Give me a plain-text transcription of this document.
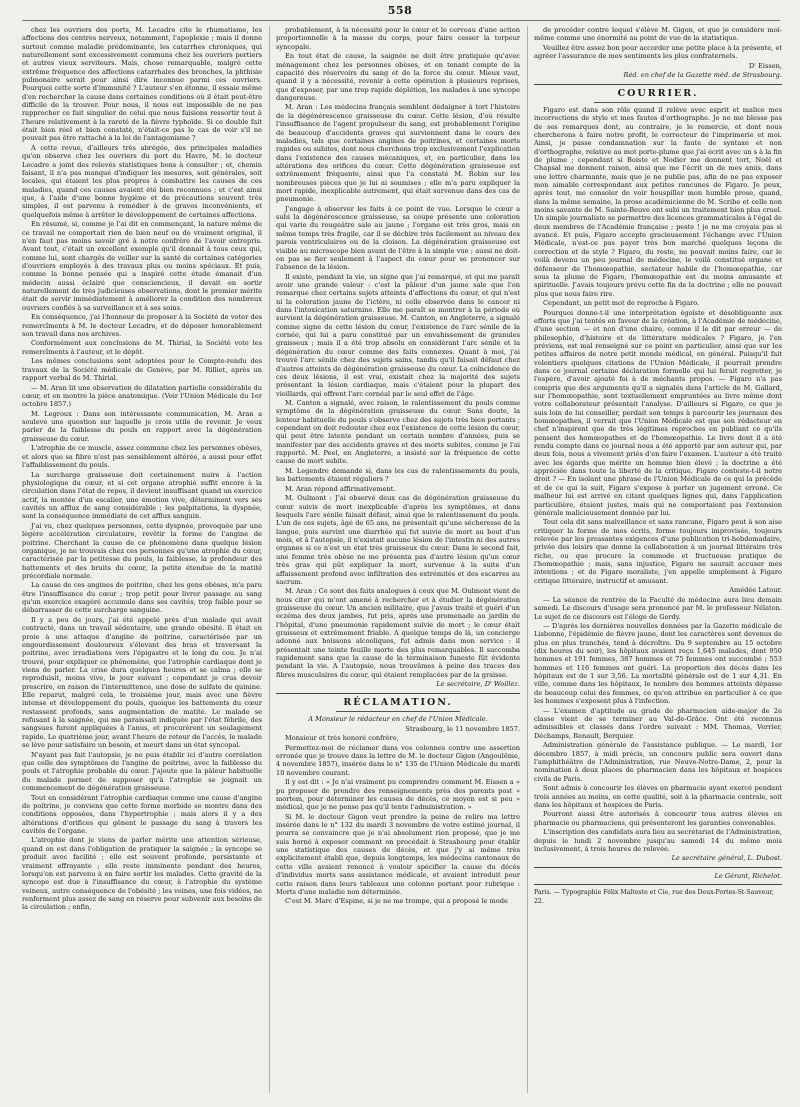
558

chez les ouvriers des ports, M. Lecadre cite le rhumatisme, les affections des centres nerveux, notamment, l'apoplexie ; mais il donne surtout comme maladie prédominante, les catarrhes chroniques, qui naturellement sont excessivement communs chez les ouvriers portiers et autres vieux serviteurs. Mais, chose remarquable, malgré cette extrême fréquence des affections catarrhales des bronches, la phthisie pulmonaire serait pour ainsi dire inconnue parmi ces ouvriers. Pourquoi cette sorte d'immunité ? L'auteur s'en étonne, il essaie même d'en rechercher la cause dans certaines conditions où il était peut-être difficile de la trouver. Pour nous, il nous est impossible de ne pas rapprocher ce fait singulier de celui que nous faisions ressortir tout à l'heure relativement à la rareté de la fièvre typhoïde. Si ce double fait était bien réel et bien constaté, n'était-ce pas le cas de voir s'il ne pouvait pas être rattaché à la loi de l'antagonisme ?

A cette revue, d'ailleurs très abrégée, des principales maladies qu'on observe chez les ouvriers du port du Havre, M. le docteur Lecadre a joint des relevés statistiques bons à consulter ; et, chemin faisant, il n'a pas manqué d'indiquer les mesures, soit générales, soit locales, qui étaient les plus propres à combattre les causes de ces maladies, quand ces causes avaient été bien reconnues ; et c'est ainsi que, à l'aide d'une bonne hygiène et de précautions souvent très simples, il est parvenu à remédier à de graves inconvénients, et quelquefois même à arrêter le développement de certaines affections.

En résumé, si, comme je l'ai dit en commençant, la nature même de ce travail ne comportait rien de bien neuf ou de vraiment original, il n'en faut pas moins savoir gré à notre confrère de l'avoir entrepris. Avant tout, c'était un excellent exemple qu'il donnait à tous ceux qui, comme lui, sont chargés de veiller sur la santé de certaines catégories d'ouvriers employés à des travaux plus ou moins spéciaux. Et puis, comme la bonne pensée qui a inspiré cette étude émanait d'un médecin aussi éclairé que consciencieux, il devait en sortir naturellement de très judicieuses observations, dont le premier mérite était de servir immédiatement à améliorer la condition des nombreux ouvriers confiés à sa surveillance et à ses soins.

En conséquence, j'ai l'honneur de proposer à la Société de voter des remercîments à M. le docteur Lecadre, et de déposer honorablement son travail dans nos archives.

Conformément aux conclusions de M. Thirial, la Société vote les remercîments à l'auteur, et le dépôt.

Les mêmes conclusions sont adoptées pour le Compte-rendu des travaux de la Société médicale de Genève, par M. Rilliet, après un rapport verbal de M. Thirial.

— M. Aran lit une observation de dilatation partielle considérable du cœur, et en montre la pièce anatomique. (Voir l'Union Médicale du 1er octobre 1857.)

M. Legroux : Dans son intéressante communication, M. Aran a soulevé une question sur laquelle je crois utile de revenir. Je veux parler de la faiblesse du pouls en rapport avec la dégénération graisseuse du cœur.

L'atrophie de ce muscle, assez commune chez les personnes obèses, et alors que sa fibre n'est pas sensiblement altérée, a aussi pour effet l'affaiblissement du pouls.

La surcharge graisseuse doit certainement nuire à l'action physiologique du cœur, et si cet organe atrophié suffit encore à la circulation dans l'état de repos, il devient insuffisant quand un exercice actif, la montée d'un escalier, une émotion vive, déterminent vers ses cavités un afflux de sang considérable ; les palpitations, la dyspnée, sont la conséquence immédiate de cet afflux sanguin.

J'ai vu, chez quelques personnes, cette dyspnée, provoquée par une légère accélération circulatoire, revêtir la forme de l'angine de poitrine. Cherchant la cause de ce phénomène dans quelque lésion organique, je ne trouvais chez ces personnes qu'une atrophie du cœur, caractérisée par la petitesse du pouls, la faiblesse, la profondeur des battements et des bruits du cœur, la petite étendue de la matité précordiale normale.

La cause de ces angines de poitrine, chez les gens obèses, m'a paru être l'insuffisance du cœur ; trop petit pour livrer passage au sang qu'un exercice exagéré accumule dans ses cavités, trop faible pour se débarrasser de cette surcharge sanguine.

Il y a peu de jours, j'ai été appelé près d'un malade qui avait contracté, dans un travail sédentaire, une grande obésité. Il était en proie à une attaque d'angine de poitrine, caractérisée par un engourdissement douloureux s'élevant des bras et traversant la poitrine, avec irradiations vers l'épigastre et le long du cou. Je n'ai trouvé, pour expliquer ce phénomène, que l'atrophie cardiaque dont je viens de parler. La crise dura quelques heures et se calma ; elle se reproduisit, moins vive, le jour suivant ; cependant je crus devoir prescrire, en raison de l'intermittence, une dose de sulfate de quinine. Elle reparut, malgré cela, le troisième jour, mais avec une fièvre intense et développement du pouls, quoique les battements du cœur restassent profonds, sans augmentation de matité. Le malade se refusant à la saignée, qui me paraissait indiquée par l'état fébrile, des sangsues furent appliquées à l'anus, et procurèrent un soulagement rapide. Le quatrième jour, avant l'heure de retour de l'accès, le malade se lève pour satisfaire un besoin, et meurt dans un état syncopal.

N'ayant pas fait l'autopsie, je ne puis établir ici d'autre corrélation que celle des symptômes de l'angine de poitrine, avec la faiblesse du pouls et l'atrophie probable du cœur. J'ajoute que la pâleur habituelle du malade permet de supposer qu'à l'atrophie se joignait un commencement de dégénération graisseuse.

Tout en considérant l'atrophie cardiaque comme une cause d'angine de poitrine, je conviens que cette forme morbide se montre dans des conditions opposées, dans l'hypertrophie ; mais alors il y a des altérations d'orifices qui gênent le passage du sang à travers les cavités de l'organe.

L'atrophie dont je viens de parler mérite une attention sérieuse, quand on est dans l'obligation de pratiquer la saignée ; la syncope se produit avec facilité ; elle est souvent profonde, persistante et vraiment effrayante ; elle reste imminente pendant des heures, lorsqu'on est parvenu à en faire sortir les malades. Cette gravité de la syncope est due à l'insuffisance du cœur, à l'atrophie du système veineux, autre conséquence de l'obésité ; les veines, une fois vidées, ne renferment plus assez de sang en réserve pour subvenir aux besoins de la circulation ; enfin,

probablement, à la nécessité pour le cœur et le cerveau d'une action proportionnelle à la masse du corps, pour faire cesser la torpeur syncopale.

En tout état de cause, la saignée ne doit être pratiquée qu'avec ménagement chez les personnes obèses, et en tenant compte de la capacité des réservoirs du sang et de la force du cœur. Mieux vaut, quand il y a nécessité, revenir à cette opération à plusieurs reprises, que d'exposer, par une trop rapide déplétion, les malades à une syncope dangereuse.

M. Aran : Les médecins français semblent dédaigner à tort l'histoire de la dégénérescence graisseuse du cœur. Cette lésion, d'où résulte l'insuffisance de l'agent propulseur du sang, est probablement l'origine de beaucoup d'accidents graves qui surviennent dans le cours des maladies, tels que certaines angines de poitrines, et certaines morts rapides ou subites, dont nous cherchons trop exclusivement l'explication dans l'existence des causes mécaniques, et, en particulier, dans les altérations des orifices du cœur. Cette dégénération graisseuse est extrêmement fréquente, ainsi que l'a constaté M. Robin sur les nombreuses pièces que je lui ai soumises ; elle m'a paru expliquer la mort rapide, inexplicable autrement, qui était survenue dans des cas de pneumonie.

J'engage à observer les faits à ce point de vue. Lorsque le cœur a subi la dégénérescence graisseuse, sa coupe présente une coloration qui varie du rougeâtre sale au jaune ; l'organe est très gros, mais en même temps très fragile, car il se déchire très facilement au niveau des parois ventriculaires ou de la cloison. La dégénération graisseuse est visible au microscope bien avant de l'être à la simple vue ; aussi ne doit-on pas se fier seulement à l'aspect du cœur pour se prononcer sur l'absence de la lésion.

Il existe, pendant la vie, un signe que j'ai remarqué, et qui me paraît avoir une grande valeur : c'est la pâleur d'un jaune sale que l'on remarque chez certains sujets atteints d'affections du cœur, et qui n'est ni la coloration jaune de l'ictère, ni celle observée dans le cancer ni dans l'intoxication saturnine. Elle me paraît se montrer à la période où survient la dégénération graisseuse. M. Canton, en Angleterre, a signalé comme signe de cette lésion du cœur, l'existence de l'arc sénile de la cornée, qui lui a paru constitué par un envahissement de granules graisseux ; mais il a été trop absolu en considérant l'arc sénile et la dégénération du cœur comme des faits connexes. Quant à moi, j'ai trouvé l'arc sénile chez des sujets sains, tandis qu'il faisait défaut chez d'autres atteints de dégénération graisseuse du cœur. La coïncidence de ces deux lésions, il est vrai, existait chez la majorité des sujets présentant la lésion cardiaque, mais c'étaient pour la plupart des vieillards, qui offrent l'arc cornéal par le seul effet de l'âge.

M. Canton a signalé, avec raison, le ralentissement du pouls comme symptôme de la dégénération graisseuse du cœur. Sans doute, la lenteur habituelle du pouls s'observe chez des sujets très bien portants ; cependant on doit redouter chez eux l'existence de cette lésion du cœur, qui peut être latente pendant un certain nombre d'années, puis se manifester par des accidents graves et des morts subites, comme je l'ai rapporté. M. Peel, en Angleterre, a insisté sur la fréquence de cette cause de mort subite.

M. Legendre demande si, dans les cas de ralentissements du pouls, les battements étaient réguliers ?

M. Aran répond affirmativement.

M. Oulmont : J'ai observé deux cas de dégénération graisseuse du cœur suivis de mort inexplicable d'après les symptômes, et dans lesquels l'arc sénile faisait défaut, ainsi que le ralentissement du pouls. L'un de ces sujets, âgé de 65 ans, ne présentait qu'une sécheresse de la langue, puis survint une diarrhée qui fut suivie de mort au bout d'un mois, et à l'autopsie, il n'existait aucune lésion de l'intestin ni des autres organes si ce n'est un état très graisseux du cœur. Dans le second fait, une femme très obèse ne me présenta pas d'autre lésion qu'un cœur très gras qui pût expliquer la mort, survenue à la suite d'un affaissement profond avec infiltration des extrémités et des escarres au sacrum.

M. Aran : Ce sont des faits analogues à ceux que M. Oulmont vient de nous citer qui m'ont amené à rechercher et à étudier la dégénération graisseuse du cœur. Un ancien militaire, que j'avais traité et guéri d'un eczéma des deux jambes, fut pris, après une promenade au jardin de l'hôpital, d'une pneumonie rapidement suivie de mort ; le cœur était graisseux et extrêmement friable. A quelque temps de là, un concierge adonné aux boissons alcooliques, fut admis dans mon service : il présentait une teinte feuille morte des plus remarquables. Il succomba rapidement sans que la cause de la terminaison funeste fût évidente pendant la vie. A l'autopsie, nous trouvâmes à peine des traces des fibres musculaires du cœur, qui étaient remplacées par de la graisse.

Le secrétaire, D' Woillez.

RÉCLAMATION.

A Monsieur le rédacteur en chef de l'Union Médicale.

Strasbourg, le 11 novembre 1857.

Monsieur et très honoré confrère,

Permettez-moi de réclamer dans vos colonnes contre une assertion erronée que je trouve dans la lettre de M. le docteur Gigon (Angoulême, 4 novembre 1857), insérée dans le n° 135 de l'Union Médicale du mardi 10 novembre courant.

Il y est dit : « Je n'ai vraiment pu comprendre comment M. Eissen a » pu proposer de prendre des renseignements près des parents post » mortem, pour déterminer les causes de décès, ce moyen est si peu » médical, que je ne pense pas qu'il tente l'administration. »

Si M. le docteur Gigon veut prendre la peine de relire ma lettre insérée dans le n° 132 du mardi 3 novembre de votre estimé journal, il pourra se convaincre que je n'ai absolument rien proposé, que je me suis borné à exposer comment on procédait à Strasbourg pour établir une statistique des causes de décès, et que j'y ai même très explicitement établi que, depuis longtemps, les médecins cantonaux de cette ville avaient renoncé à vouloir spécifier la cause du décès d'individus morts sans assistance médicale, et avaient introduit pour cette raison dans leurs tableaux une colonne portant pour rubrique : Morts d'une maladie non déterminée.

C'est M. Marc d'Espine, si je ne me trompe, qui a proposé le mode

de procéder contre lequel s'élève M. Gigon, et que je considère moi-même comme une énormité au point de vue de la statistique.

Veuillez être assez bon pour accorder une petite place à la présente, et agréer l'assurance de mes sentiments les plus confraternels.

D' Eissen,

Réd. en chef de la Gazette méd. de Strasbourg.

COURRIER.

Figaro est dans son rôle quand il relève avec esprit et malice mes incorrections de style et mes fautes d'orthographe. Je ne me blesse pas de ses remarques dont, au contraire, je le remercie, et dont nous chercherons à faire notre profit, le correcteur de l'imprimerie et moi. Ainsi, je passe condamnation sur la faute de syntaxe et non d'orthographe, relative au mot porte-plume que j'ai écrit avec un s à la fin de plume ; cependant si Boiste et Nodier me donnent tort, Noël et Chapsal me donnent raison, ainsi que me l'écrit un de mes amis, dans une lettre charmante, mais que je ne publie pas, afin de ne pas exposer mon aimable correspondant aux petites rancunes de Figaro. Je peux, après tout, me consoler de voir houspiller mon humble prose, quand, dans la même semaine, la prose académicienne de M. Scribe et celle non moins savante de M. Sainte-Beuve ont subi un traitement bien plus cruel. Un simple journaliste se permettre des licences grammaticales à l'égal de deux membres de l'Académie française ; peste ! je ne me croyais pas si avancé. Et puis, Figaro accepte gracieusement l'échange avec l'Union Médicale, n'est-ce pas payer très bon marché quelques leçons de correction et de style ? Figaro, du reste, ne pouvait moins faire, car le voilà devenu un peu journal de médecine, le voilà constitué organe et défenseur de l'homœopathie, sectateur habile de l'homœopathie, car sous la plume de Figaro, l'homœopathie est du moins amusante et spirituelle. J'avais toujours prévu cette fin de la doctrine ; elle ne pouvait plus que nous faire rire.

Cependant, un petit mot de reproche à Figaro.

Pourquoi donne-t-il une interprétation égoïste et désobligeante aux efforts que j'ai tentés en faveur de la création, à l'Académie de médecine, d'une section — et non d'une chaire, comme il le dit par erreur — de philosophie, d'histoire et de littérature médicales ? Figaro, je l'en préviens, est mal renseigné sur ce point en particulier, ainsi que sur les petites affaires de notre petit monde médical, en général. Puisqu'il fait volontiers quelques citations de l'Union Médicale, il pourrait prendre dans ce journal certaine déclaration formelle qui lui ferait regretter, je l'espère, d'avoir ajouté foi à de méchants propos. — Figaro n'a pas compris que des arguments qu'il a signalés dans l'article de M. Gallard, sur l'homœopathie, sont textuellement empruntées au livre même dont votre collaborateur présentait l'analyse. D'ailleurs si Figaro, ce que je suis loin de lui conseiller, perdait son temps à parcourir les journaux des homœopathes, il verrait que l'Union Médicale est que son rédacteur en chef n'inspirent que de très légitimes reproches en publiant ce qu'ils pensent des homœopathes et de l'homœopathie. Le livre dont il a été rendu compte dans ce journal nous a été apporté par son auteur qui, par deux fois, nous a vivement priés d'en faire l'examen. L'auteur a été traité avec les égards que mérite un homme bien élevé ; la doctrine a été appréciée dans toute la liberté de la critique. Figaro conteste-t-il notre droit ? — En isolant une phrase de l'Union Médicale de ce qui la précède et de ce qui la suit, Figaro s'expose à porter un jugement erroné. Ce malheur lui est arrivé en citant quelques lignes qui, dans l'application particulière, étaient justes, mais qui ne comportaient pas l'extension générale malicieusement donnée par lui.

Tout cela dit sans malveillance et sans rancune, Figaro peut à son aise critiquer la forme de mes écrits, forme toujours improvisée, toujours relevée par les pressantes exigences d'une publication tri-hebdomadaire, privée des loisirs que donne la collaboration à un journal littéraire très riche, ou que procure la commode et fructueuse pratique de l'homœopathie ; mais, sans injustice, Figaro ne saurait accuser mes intentions ; et de Figaro moraliste, j'en appelle simplement à Figaro critique littéraire, instructif et amusant.

Amédée Latour.

— La séance de rentrée de la Faculté de médecine aura lieu demain samedi. Le discours d'usage sera prononcé par M. le professeur Nélaton. Le sujet de ce discours est l'éloge de Gerdy.

— D'après les dernières nouvelles données par la Gazette médicale de Lisbonne, l'épidémie de fièvre jaune, dont les caractères sont devenus de plus en plus tranchés, tend à décroître. Du 9 septembre au 15 octobre (dix heures du soir), les hôpitaux avaient reçu 1,645 malades, dont 950 hommes et 191 femmes, 387 hommes et 75 femmes ont succombé ; 553 hommes et 116 femmes ont guéri. La proportion des décès dans les hôpitaux est de 1 sur 3,56. La mortalité générale est de 1 sur 4,31. En ville, comme dans les hôpitaux, le nombre des hommes atteints dépasse de beaucoup celui des femmes, ce qu'on attribue en particulier à ce que les hommes s'exposent plus à l'infection.

— L'examen d'aptitude au grade de pharmacien aide-major de 2e classe vient de se terminer au Val-de-Grâce. Ont été reconnus admissibles et classés dans l'ordre suivant : MM. Thomas, Verrier, Déchamps, Renault, Berquier.

Administration générale de l'assistance publique. — Le mardi, 1er décembre 1857, à midi précis, un concours public sera ouvert dans l'amphithéâtre de l'Administration, rue Neuve-Notre-Dame, 2, pour la nomination à deux places de pharmacien dans les hôpitaux et hospices civils de Paris.

Sont admis à concourir les élèves en pharmacie ayant exercé pendant trois années au moins, en cette qualité, soit à la pharmacie centrale, soit dans les hôpitaux et hospices de Paris.

Pourront aussi être autorisés à concourir tous autres élèves en pharmacie ou pharmaciens, qui présenteront les garanties convenables.

L'inscription des candidats aura lieu au secrétariat de l'Administration, depuis le lundi 2 novembre jusqu'au samedi 14 du même mois inclusivement, à trois heures de relevée.

Le secrétaire général, L. Dubost.

Le Gérant, Richelot.

Paris. — Typographie Félix Malteste et Cie, rue des Deux-Portes-St-Sauveur, 22.
